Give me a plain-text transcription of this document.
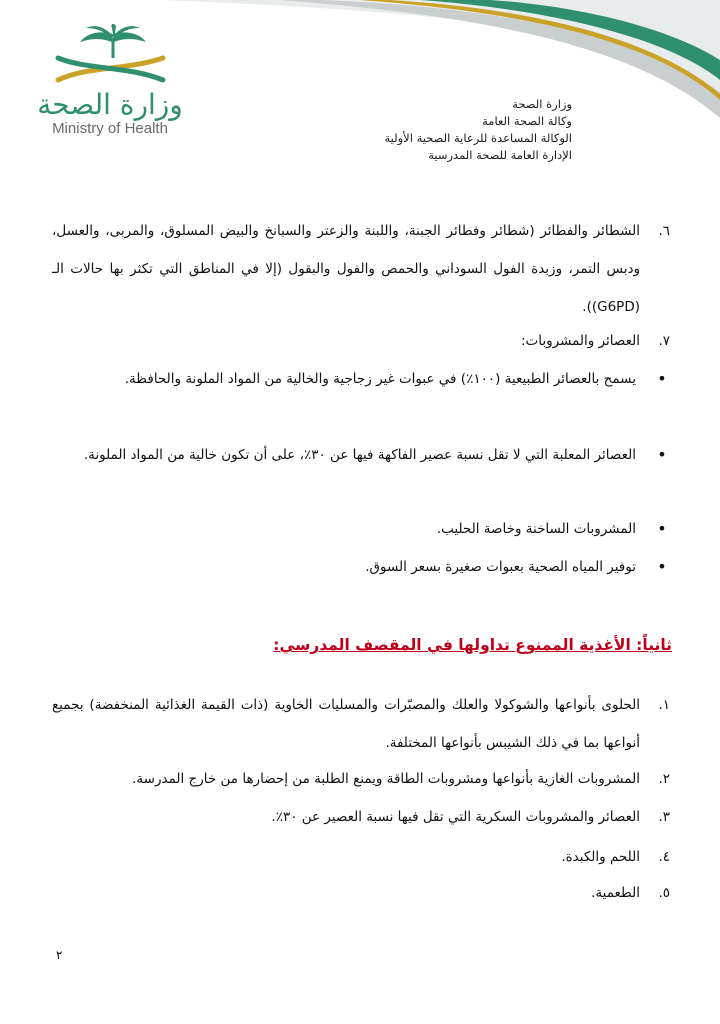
وزارة الصحة
Ministry of Health
وزارة الصحة
وكالة الصحة العامة
الوكالة المساعدة للرعاية الصحية الأولية
الإدارة العامة للصحة المدرسية
٦.
الشطائر والفطائر (شطائر وفطائر الجبنة، واللبنة والزعتر والسبانخ والبيض المسلوق، والمربى، والعسل، ودبس التمر، وزبدة الفول السوداني والحمص والفول والبقول (إلا في المناطق التي تكثر بها حالات الـ (G6PD)).
٧.
العصائر والمشروبات:
•
يسمح بالعصائر الطبيعية (١٠٠٪) في عبوات غير زجاجية والخالية من المواد الملونة والحافظة.
•
العصائر المعلبة التي لا تقل نسبة عصير الفاكهة فيها عن ٣٠٪، على أن تكون خالية من المواد الملونة.
•
المشروبات الساخنة وخاصة الحليب.
•
توفير المياه الصحية بعبوات صغيرة بسعر السوق.
ثانياً: الأغذية الممنوع تداولها في المقصف المدرسي:
١.
الحلوى بأنواعها والشوكولا والعلك والمصبّرات والمسليات الخاوية (ذات القيمة الغذائية المنخفضة) بجميع أنواعها بما في ذلك الشيبس بأنواعها المختلفة.
٢.
المشروبات الغازية بأنواعها ومشروبات الطاقة ويمنع الطلبة من إحضارها من خارج المدرسة.
٣.
العصائر والمشروبات السكرية التي تقل فيها نسبة العصير عن ٣٠٪.
٤.
اللحم والكبدة.
٥.
الطعمية.
٢
